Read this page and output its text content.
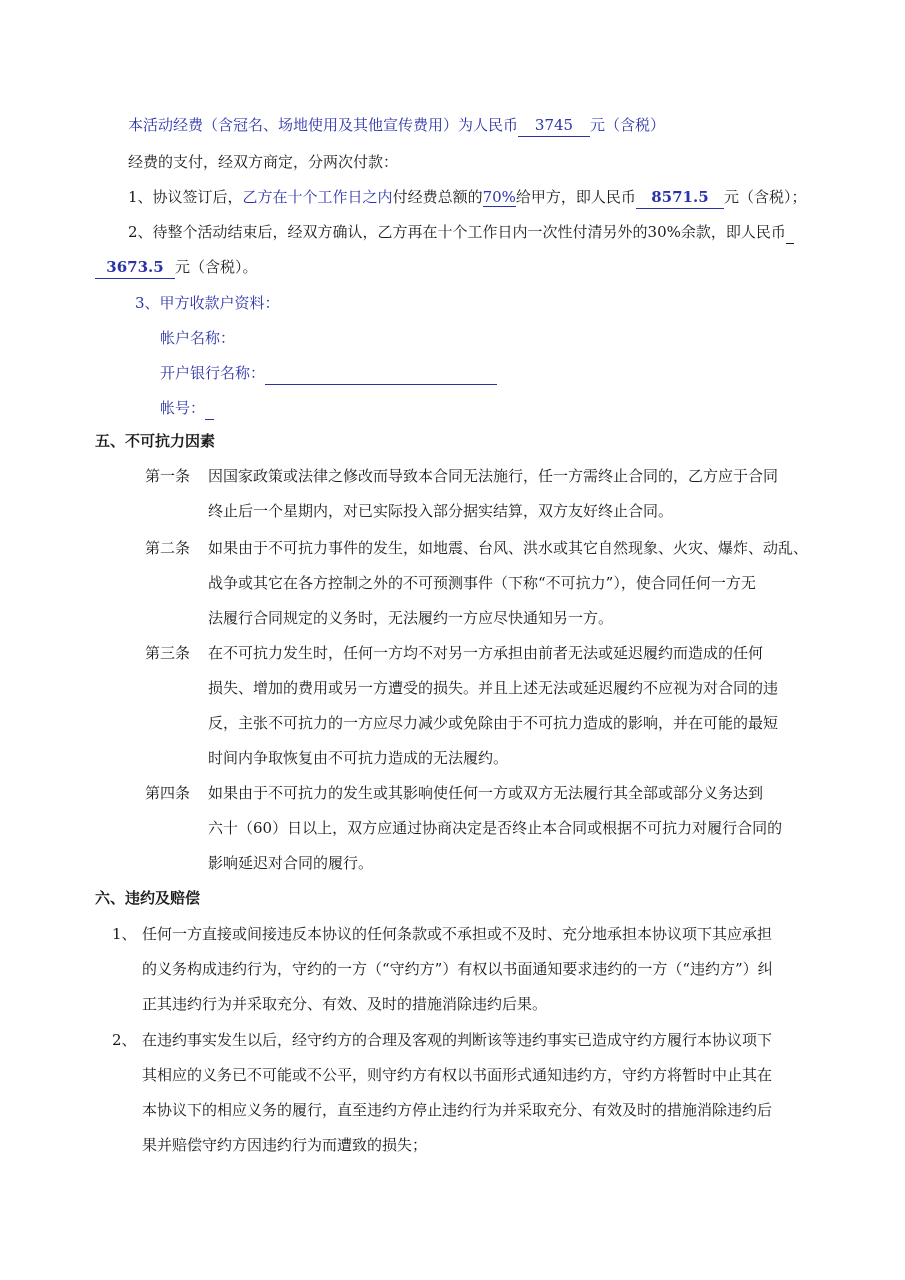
本活动经费（含冠名、场地使用及其他宣传费用）为人民币 3745 元（含税）
经费的支付，经双方商定，分两次付款：
1、协议签订后，乙方在十个工作日之内付经费总额的70%给甲方，即人民币 8571.5 元（含税）；
2、待整个活动结束后，经双方确认，乙方再在十个工作日内一次性付清另外的30%余款，即人民币
3673.5 元（含税）。
3、甲方收款户资料：
帐户名称：
开户银行名称：
帐号：
五、不可抗力因素
第一条 因国家政策或法律之修改而导致本合同无法施行，任一方需终止合同的，乙方应于合同
终止后一个星期内，对已实际投入部分据实结算，双方友好终止合同。
第二条 如果由于不可抗力事件的发生，如地震、台风、洪水或其它自然现象、火灾、爆炸、动乱、
战争或其它在各方控制之外的不可预测事件（下称“不可抗力”），使合同任何一方无
法履行合同规定的义务时，无法履约一方应尽快通知另一方。
第三条 在不可抗力发生时，任何一方均不对另一方承担由前者无法或延迟履约而造成的任何
损失、增加的费用或另一方遭受的损失。并且上述无法或延迟履约不应视为对合同的违
反，主张不可抗力的一方应尽力减少或免除由于不可抗力造成的影响，并在可能的最短
时间内争取恢复由不可抗力造成的无法履约。
第四条 如果由于不可抗力的发生或其影响使任何一方或双方无法履行其全部或部分义务达到
六十（60）日以上，双方应通过协商决定是否终止本合同或根据不可抗力对履行合同的
影响延迟对合同的履行。
六、违约及赔偿
1、 任何一方直接或间接违反本协议的任何条款或不承担或不及时、充分地承担本协议项下其应承担
的义务构成违约行为，守约的一方（“守约方”）有权以书面通知要求违约的一方（“违约方”）纠
正其违约行为并采取充分、有效、及时的措施消除违约后果。
2、 在违约事实发生以后，经守约方的合理及客观的判断该等违约事实已造成守约方履行本协议项下
其相应的义务已不可能或不公平，则守约方有权以书面形式通知违约方，守约方将暂时中止其在
本协议下的相应义务的履行，直至违约方停止违约行为并采取充分、有效及时的措施消除违约后
果并赔偿守约方因违约行为而遭致的损失；
